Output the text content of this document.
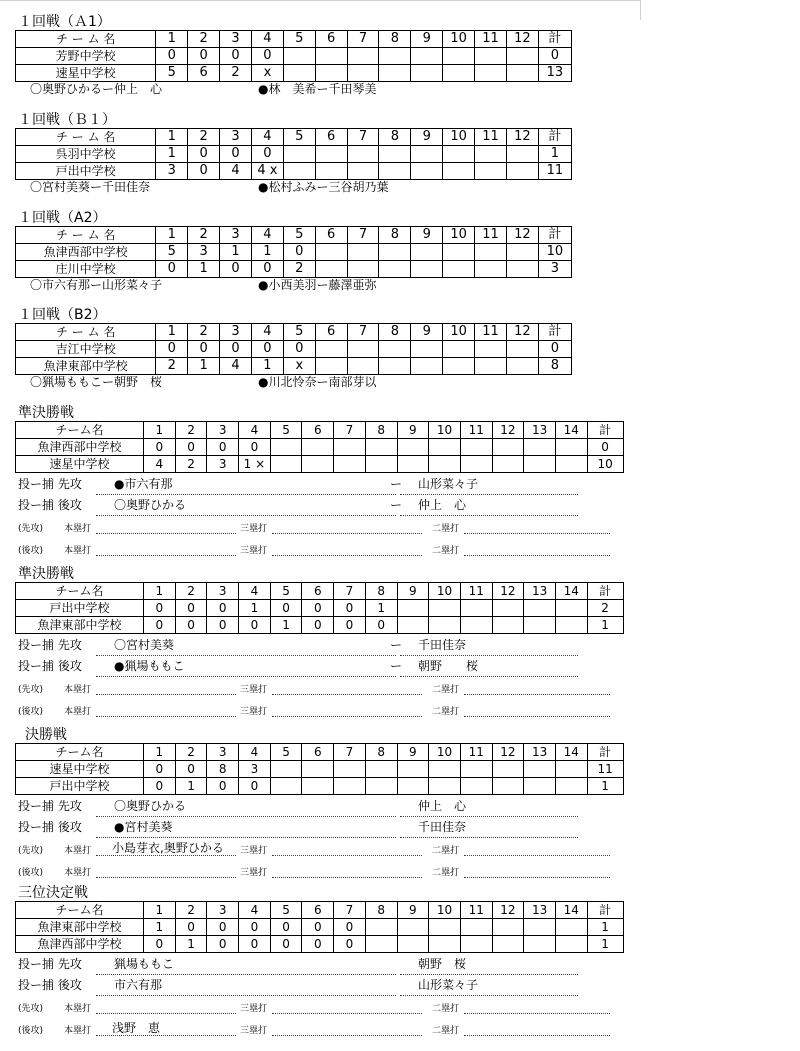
１回戦（Ａ1）
チ ー ム 名	1	2	3	4	5	6	7	8	9	10	11	12	計
芳野中学校	0	0	0	0									0
速星中学校	5	6	2	x									13
〇奥野ひかるー仲上　心	●林　美希ー千田琴美
１回戦（Ｂ１）
チ ー ム 名	1	2	3	4	5	6	7	8	9	10	11	12	計
呉羽中学校	1	0	0	0									1
戸出中学校	3	0	4	4 x									11
〇宮村美葵ー千田佳奈	●松村ふみー三谷胡乃葉
１回戦（A2）
チ ー ム 名	1	2	3	4	5	6	7	8	9	10	11	12	計
魚津西部中学校	5	3	1	1	0								10
庄川中学校	0	1	0	0	2								3
〇市六有那ー山形菜々子	●小西美羽ー藤澤亜弥
１回戦（B2）
チ ー ム 名	1	2	3	4	5	6	7	8	9	10	11	12	計
吉江中学校	0	0	0	0	0								0
魚津東部中学校	2	1	4	1	x								8
〇猟場ももこー朝野　桜	●川北怜奈ー南部芽以
準決勝戦
チーム名	1	2	3	4	5	6	7	8	9	10	11	12	13	14	計
魚津西部中学校	0	0	0	0											0
速星中学校	4	2	3	1 ×											10
投ー捕 先攻	●市六有那	ー 山形菜々子
投ー捕 後攻	〇奥野ひかる	ー 仲上　心
(先攻) 本塁打	三塁打	二塁打
(後攻) 本塁打	三塁打	二塁打
準決勝戦
チーム名	1	2	3	4	5	6	7	8	9	10	11	12	13	14	計
戸出中学校	0	0	0	1	0	0	0	1							2
魚津東部中学校	0	0	0	0	1	0	0	0							1
投ー捕 先攻	〇宮村美葵	ー 千田佳奈
投ー捕 後攻	●猟場ももこ	ー 朝野　　桜
(先攻) 本塁打	三塁打	二塁打
(後攻) 本塁打	三塁打	二塁打
決勝戦
チーム名	1	2	3	4	5	6	7	8	9	10	11	12	13	14	計
速星中学校	0	0	8	3											11
戸出中学校	0	1	0	0											1
投ー捕 先攻	〇奥野ひかる	仲上　心
投ー捕 後攻	●宮村美葵	千田佳奈
(先攻) 本塁打 小島芽衣,奥野ひかる 三塁打	二塁打
(後攻) 本塁打	三塁打	二塁打
三位決定戦
チーム名	1	2	3	4	5	6	7	8	9	10	11	12	13	14	計
魚津東部中学校	1	0	0	0	0	0	0								1
魚津西部中学校	0	1	0	0	0	0	0								1
投ー捕 先攻	猟場ももこ	朝野　桜
投ー捕 後攻	市六有那	山形菜々子
(先攻) 本塁打	三塁打	二塁打
(後攻) 本塁打 浅野　恵	三塁打	二塁打
